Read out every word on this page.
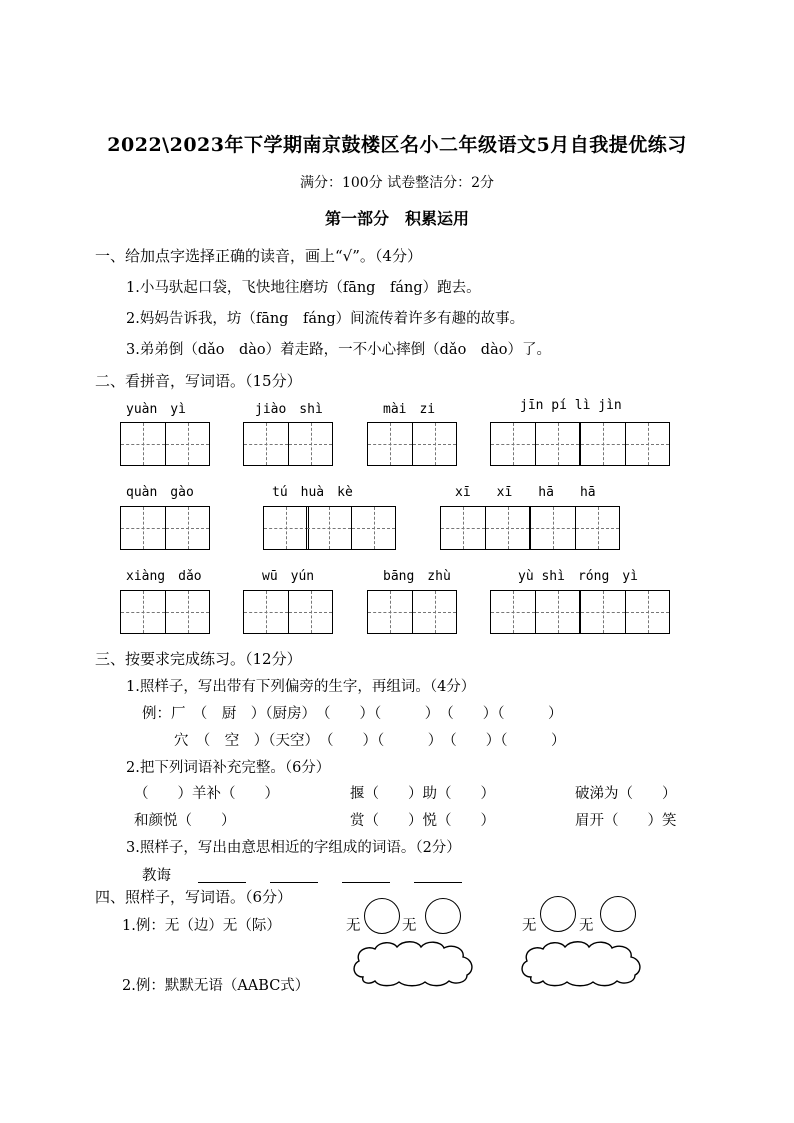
2022\2023年下学期南京鼓楼区名小二年级语文5月自我提优练习
满分：100分 试卷整洁分：2分
第一部分　积累运用
一、给加点字选择正确的读音，画上“√”。（4分）
1.小马驮起口袋，飞快地往磨坊（fāng　fáng）跑去。
2.妈妈告诉我，坊（fāng　fáng）间流传着许多有趣的故事。
3.弟弟倒（dǎo　dào）着走路，一不小心摔倒（dǎo　dào）了。
二、看拼音，写词语。（15分）
yuàn　yì	jiào　shì	mài　zi	jīn pí lì jìn
quàn　gào	tú　huà　kè	xī　　xī　　hā　　hā
xiàng　dǎo	wū　yún	bāng　zhù	yù shì　róng　yì
三、按要求完成练习。（12分）
1.照样子，写出带有下列偏旁的生字，再组词。（4分）
例：厂　（　厨　）（厨房）　（　　）（　　　）　（　　）（　　　）
穴　（　空　）（天空）　（　　）（　　　）　（　　）（　　　）
2.把下列词语补充完整。（6分）
（　　）羊补（　　）	揠（　　）助（　　）	破涕为（　　）
和颜悦（　　）	赏（　　）悦（　　）	眉开（　　）笑
3.照样子，写出由意思相近的字组成的词语。（2分）
教诲
四、照样子，写词语。（6分）
1.例：无（边）无（际）	无	无	无	无
2.例：默默无语（AABC式）
